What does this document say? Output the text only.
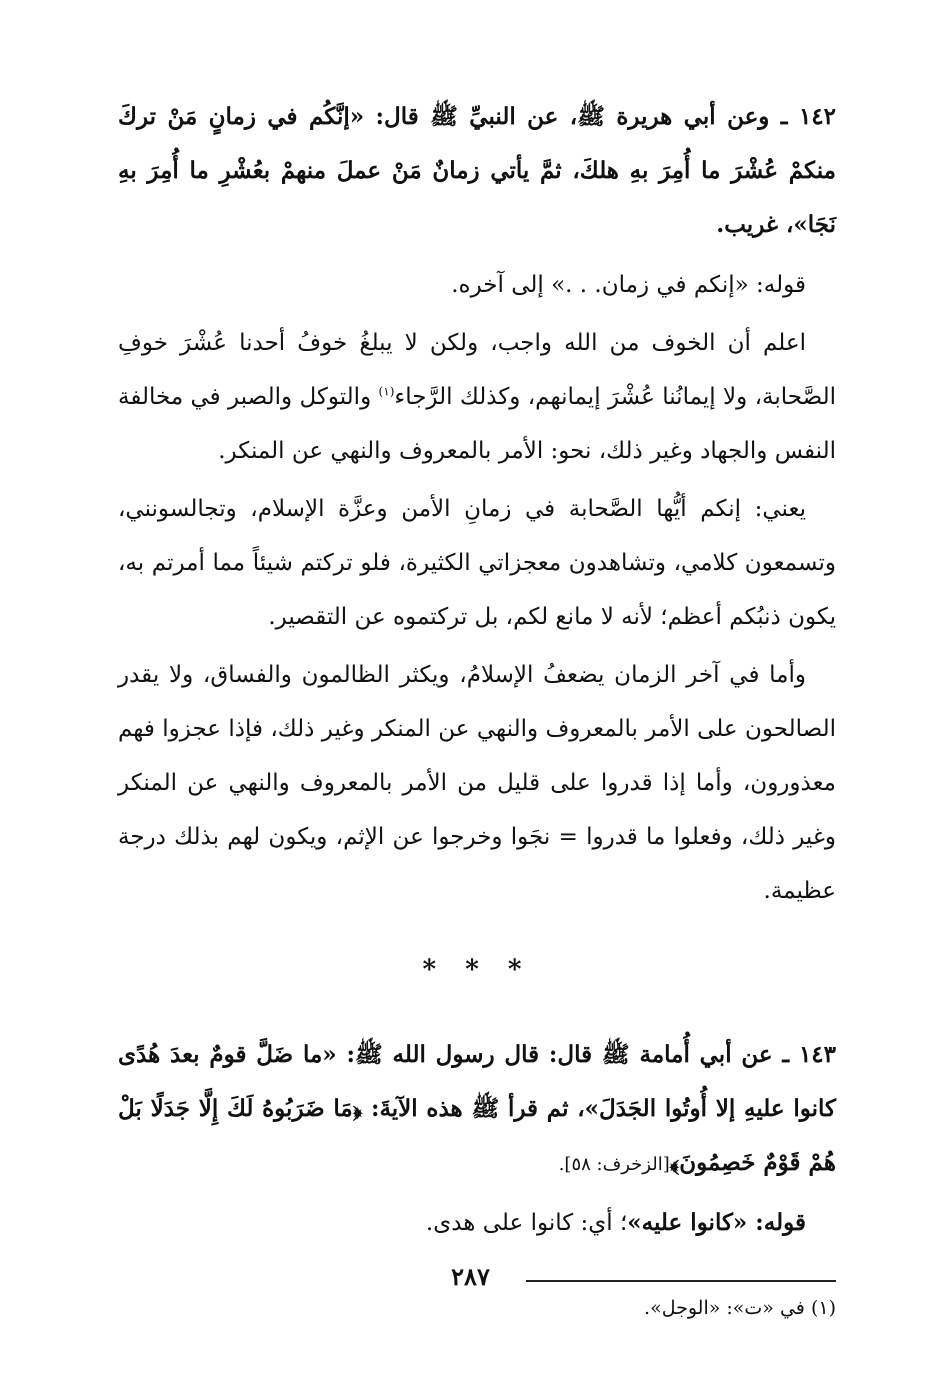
١٤٢ ـ وعن أبي هريرة ﷺ، عن النبيِّ ﷺ قال: «إنَّكُم في زمانٍ مَنْ تركَ منكمْ عُشْرَ ما أُمِرَ بهِ هلكَ، ثمَّ يأتي زمانٌ مَنْ عملَ منهمْ بعُشْرِ ما أُمِرَ بهِ نَجَا»، غريب.

قوله: «إنكم في زمان. . .» إلى آخره.

اعلم أن الخوف من الله واجب، ولكن لا يبلغُ خوفُ أحدنا عُشْرَ خوفِ الصَّحابة، ولا إيمانُنا عُشْرَ إيمانهم، وكذلك الرَّجاء$^{(١)}$ والتوكل والصبر في مخالفة النفس والجهاد وغير ذلك، نحو: الأمر بالمعروف والنهي عن المنكر.

يعني: إنكم أيُّها الصَّحابة في زمانِ الأمن وعزَّة الإسلام، وتجالسونني، وتسمعون كلامي، وتشاهدون معجزاتي الكثيرة، فلو تركتم شيئاً مما أمرتم به، يكون ذنبُكم أعظم؛ لأنه لا مانع لكم، بل تركتموه عن التقصير.

وأما في آخر الزمان يضعفُ الإسلامُ، ويكثر الظالمون والفساق، ولا يقدر الصالحون على الأمر بالمعروف والنهي عن المنكر وغير ذلك، فإذا عجزوا فهم معذورون، وأما إذا قدروا على قليل من الأمر بالمعروف والنهي عن المنكر وغير ذلك، وفعلوا ما قدروا = نجَوا وخرجوا عن الإثم، ويكون لهم بذلك درجة عظيمة.

* * *

١٤٣ ـ عن أبي أُمامة ﷺ قال: قال رسول الله ﷺ: «ما ضَلَّ قومٌ بعدَ هُدًى كانوا عليهِ إلا أُوتُوا الجَدَلَ»، ثم قرأ ﷺ هذه الآيةَ: ﴿مَا ضَرَبُوهُ لَكَ إِلَّا جَدَلًا بَلْ هُمْ قَوْمٌ خَصِمُونَ﴾[الزخرف: ٥٨].

قوله: «كانوا عليه»؛ أي: كانوا على هدى.

(١) في «ت»: «الوجل».

٢٨٧
